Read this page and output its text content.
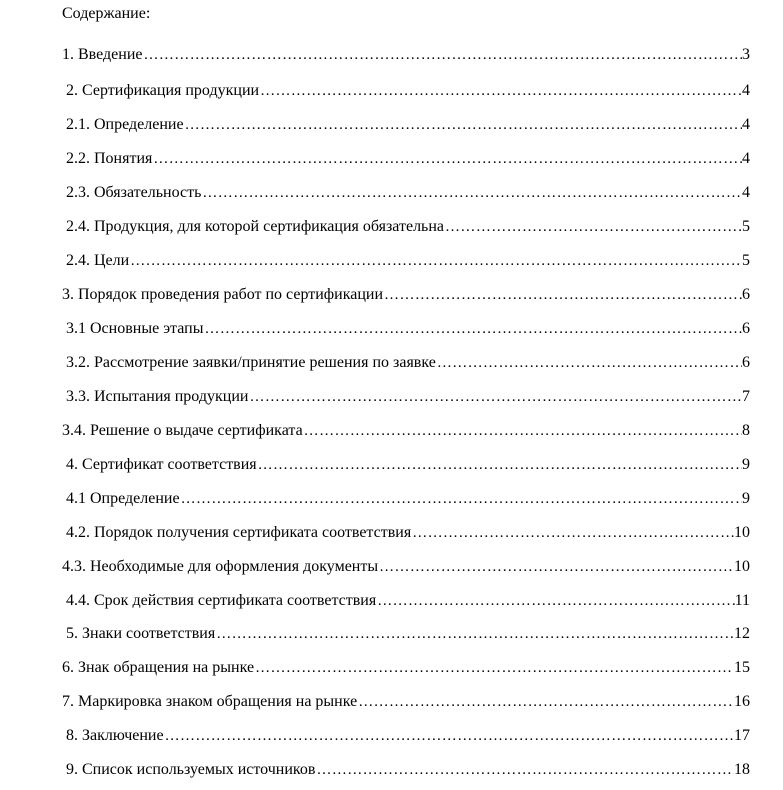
Содержание:
1. Введение ……………………………………………………………………………………………………………………………………………………………………………………………………	3
2. Сертификация продукции ……………………………………………………………………………………………………………………………………………………………………………………………………	4
2.1. Определение ……………………………………………………………………………………………………………………………………………………………………………………………………	4
2.2. Понятия ……………………………………………………………………………………………………………………………………………………………………………………………………	4
2.3. Обязательность ……………………………………………………………………………………………………………………………………………………………………………………………………	4
2.4. Продукция, для которой сертификация обязательна ……………………………………………………………………………………………………………………………………………………………………………………………………	5
2.4. Цели ……………………………………………………………………………………………………………………………………………………………………………………………………	5
3. Порядок проведения работ по сертификации ……………………………………………………………………………………………………………………………………………………………………………………………………	6
3.1 Основные этапы ……………………………………………………………………………………………………………………………………………………………………………………………………	6
3.2. Рассмотрение заявки/принятие решения по заявке ……………………………………………………………………………………………………………………………………………………………………………………………………	6
3.3. Испытания продукции ……………………………………………………………………………………………………………………………………………………………………………………………………	7
3.4. Решение о выдаче сертификата ……………………………………………………………………………………………………………………………………………………………………………………………………	8
4. Сертификат соответствия ……………………………………………………………………………………………………………………………………………………………………………………………………	9
4.1 Определение ……………………………………………………………………………………………………………………………………………………………………………………………………	9
4.2. Порядок получения сертификата соответствия ……………………………………………………………………………………………………………………………………………………………………………………………………	10
4.3. Необходимые для оформления документы ……………………………………………………………………………………………………………………………………………………………………………………………………	10
4.4. Срок действия сертификата соответствия ……………………………………………………………………………………………………………………………………………………………………………………………………	11
5. Знаки соответствия ……………………………………………………………………………………………………………………………………………………………………………………………………	12
6. Знак обращения на рынке ……………………………………………………………………………………………………………………………………………………………………………………………………	15
7. Маркировка знаком обращения на рынке ……………………………………………………………………………………………………………………………………………………………………………………………………	16
8. Заключение ……………………………………………………………………………………………………………………………………………………………………………………………………	17
9. Список используемых источников ……………………………………………………………………………………………………………………………………………………………………………………………………	18
